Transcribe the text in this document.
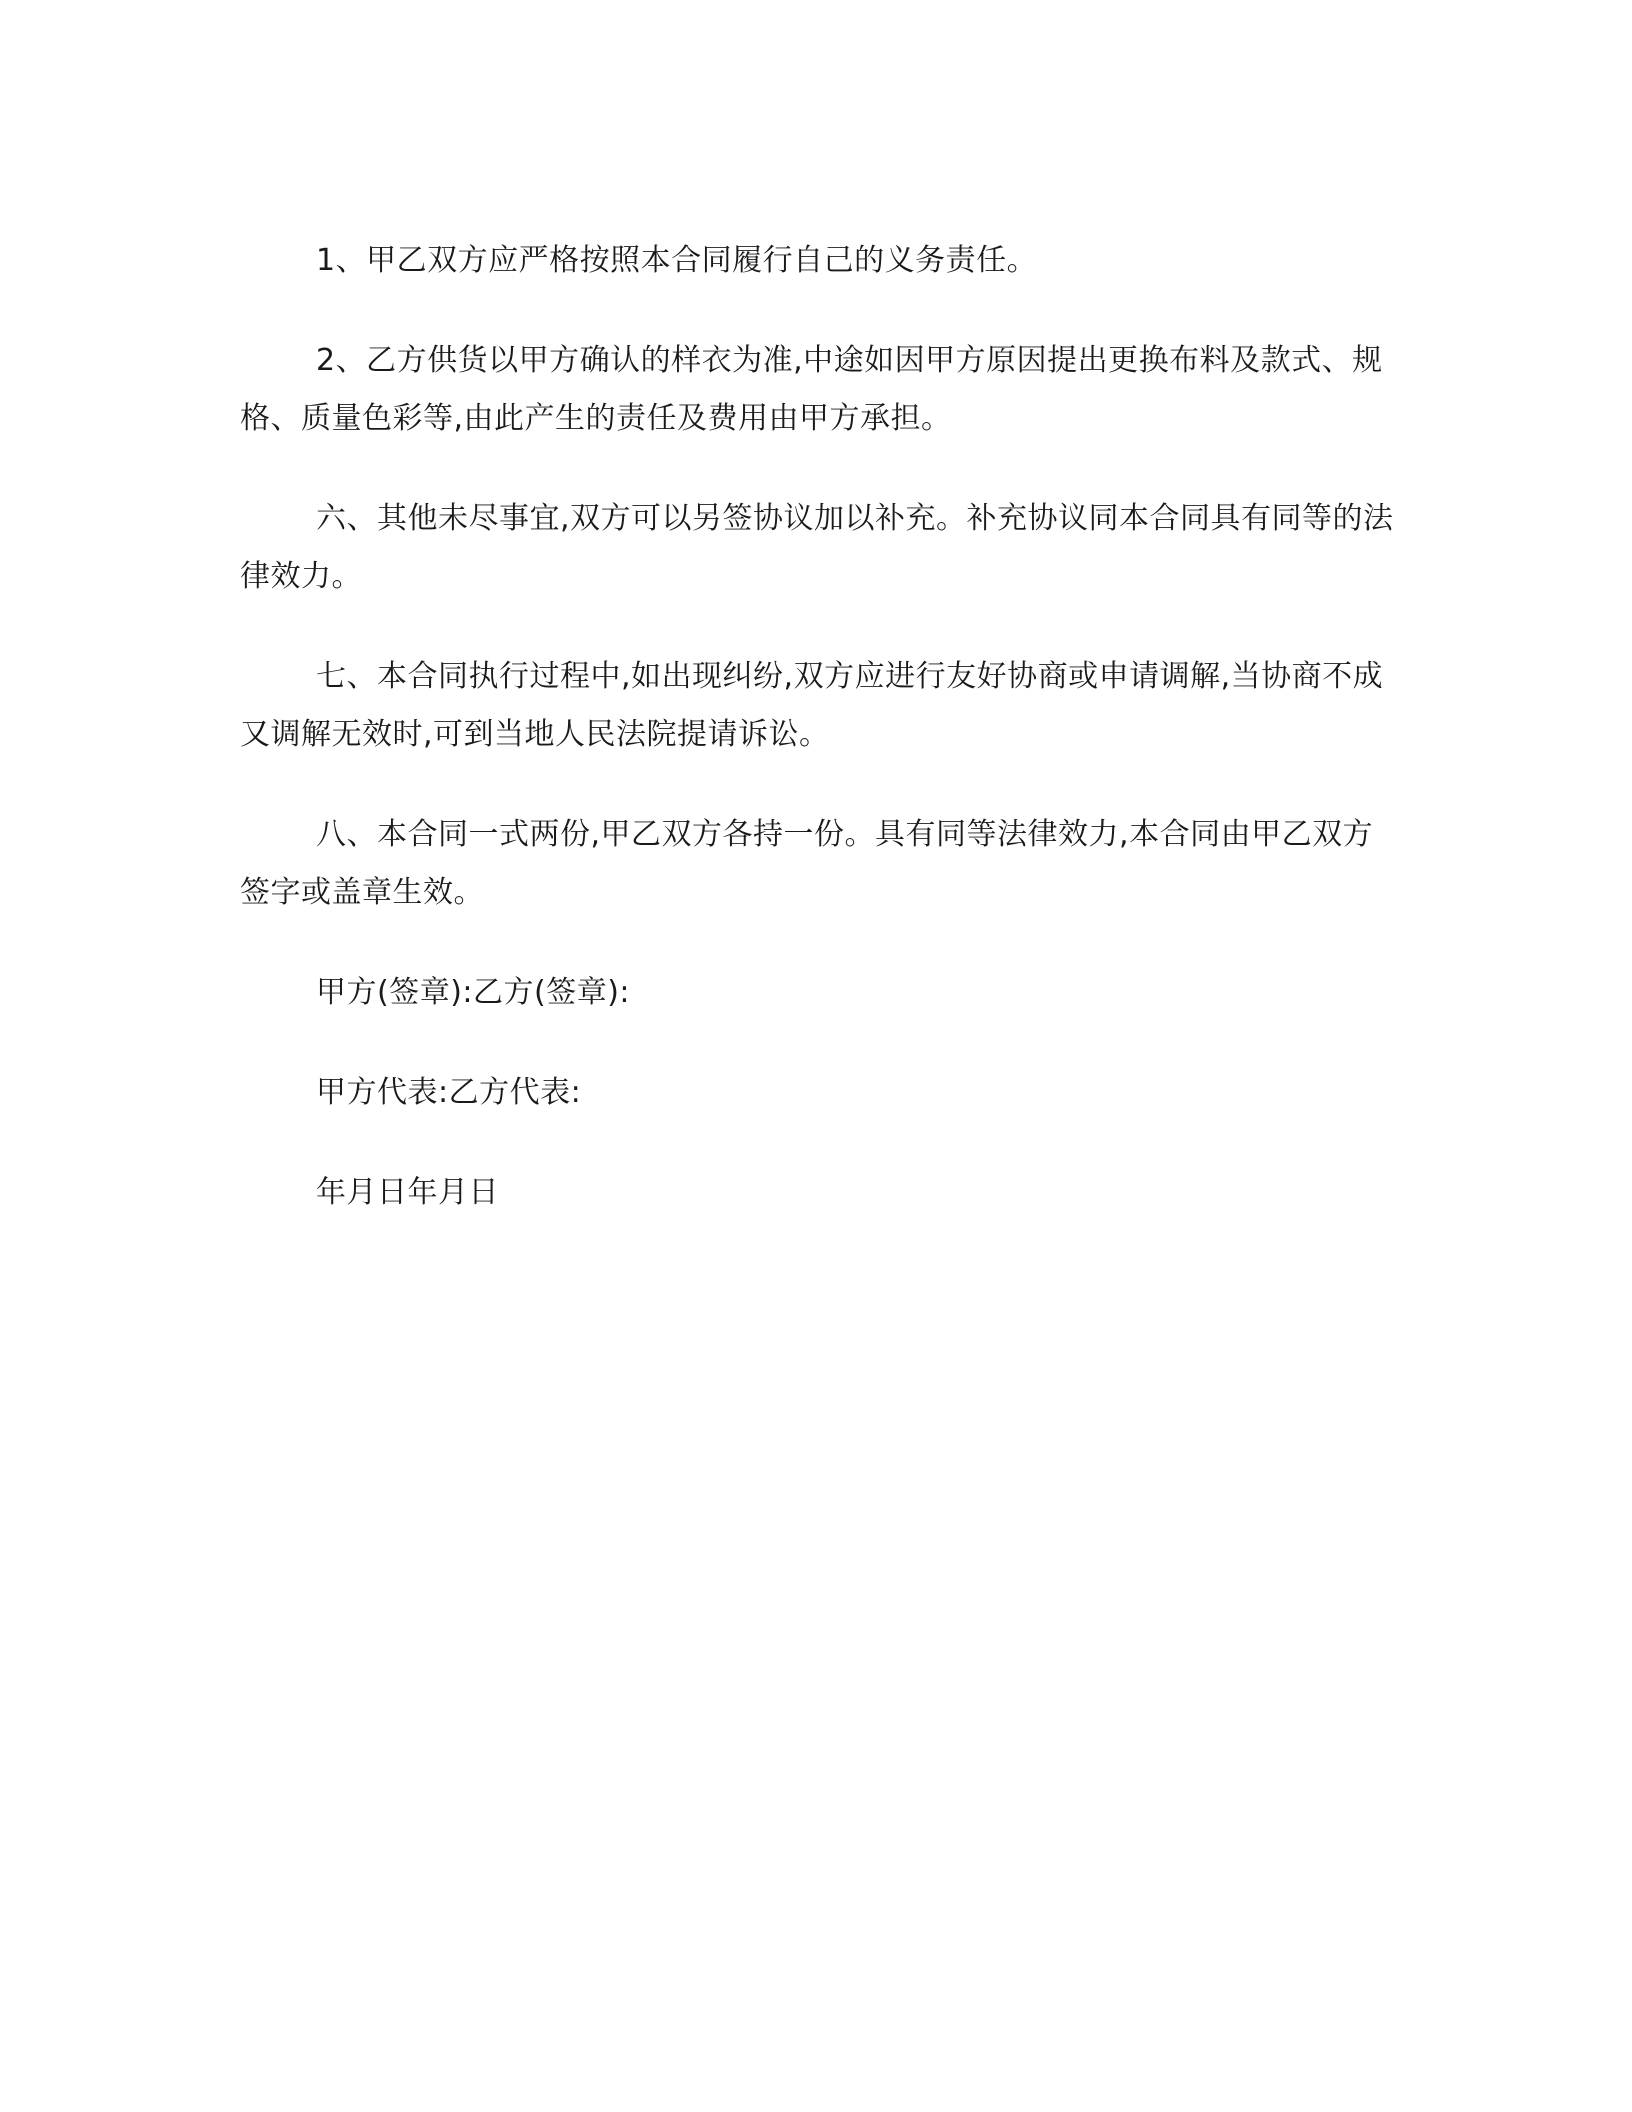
1、甲乙双方应严格按照本合同履行自己的义务责任。

2、乙方供货以甲方确认的样衣为准,中途如因甲方原因提出更换布料及款式、规格、质量色彩等,由此产生的责任及费用由甲方承担。

六、其他未尽事宜,双方可以另签协议加以补充。补充协议同本合同具有同等的法律效力。

七、本合同执行过程中,如出现纠纷,双方应进行友好协商或申请调解,当协商不成又调解无效时,可到当地人民法院提请诉讼。

八、本合同一式两份,甲乙双方各持一份。具有同等法律效力,本合同由甲乙双方签字或盖章生效。

甲方(签章):乙方(签章):

甲方代表:乙方代表:

年月日年月日
